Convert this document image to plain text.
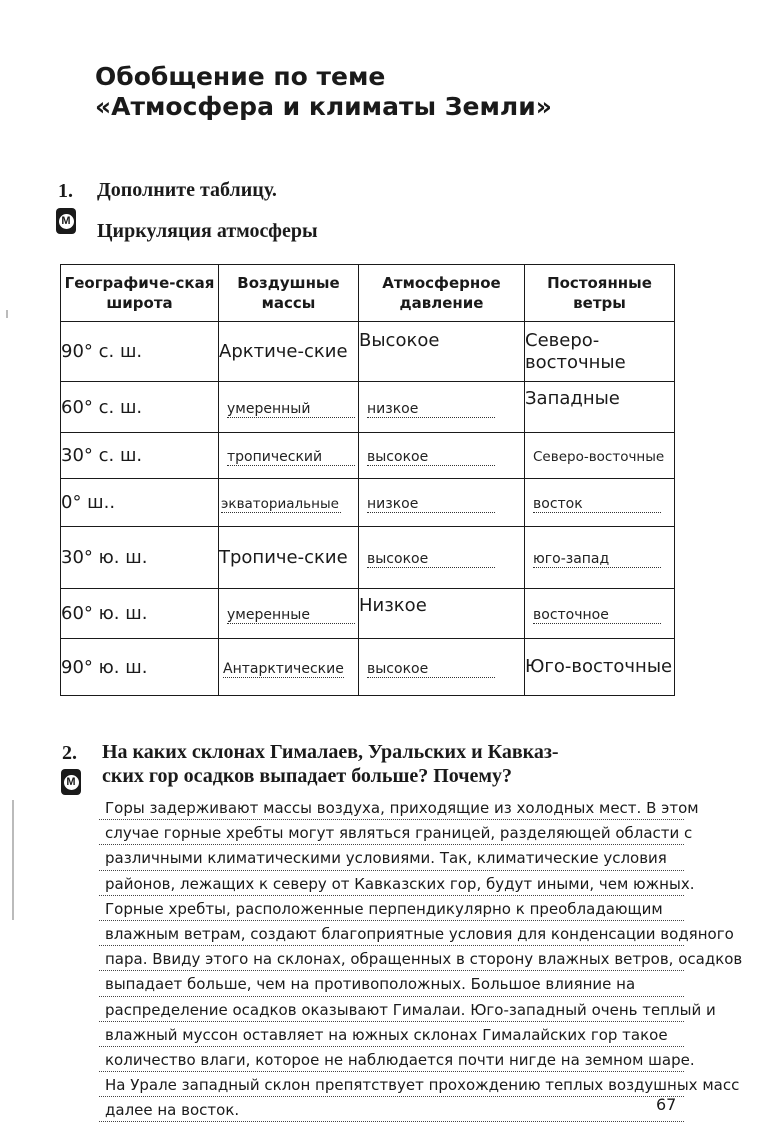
Обобщение по теме
«Атмосфера и климаты Земли»
1. Дополните таблицу.
М Циркуляция атмосферы
Географиче-ская широта	Воздушные массы	Атмосферное давление	Постоянные ветры
90° с. ш.	Арктиче-ские	Высокое	Северо-восточные
60° с. ш.	умеренный	низкое	Западные
30° с. ш.	тропический	высокое	Северо-восточные
0° ш..	экваториальные	низкое	восток
30° ю. ш.	Тропиче-ские	высокое	юго-запад
60° ю. ш.	умеренные	Низкое	восточное
90° ю. ш.	Антарктические	высокое	Юго-восточные
2. На каких склонах Гималаев, Уральских и Кавказ-
ских гор осадков выпадает больше? Почему?
М
Горы задерживают массы воздуха, приходящие из холодных мест. В этом
случае горные хребты могут являться границей, разделяющей области с
различными климатическими условиями. Так, климатические условия
районов, лежащих к северу от Кавказских гор, будут иными, чем южных.
Горные хребты, расположенные перпендикулярно к преобладающим
влажным ветрам, создают благоприятные условия для конденсации водяного
пара. Ввиду этого на склонах, обращенных в сторону влажных ветров, осадков
выпадает больше, чем на противоположных. Большое влияние на
распределение осадков оказывают Гималаи. Юго-западный очень теплый и
влажный муссон оставляет на южных склонах Гималайских гор такое
количество влаги, которое не наблюдается почти нигде на земном шаре.
На Урале западный склон препятствует прохождению теплых воздушных масс
далее на восток.	67
